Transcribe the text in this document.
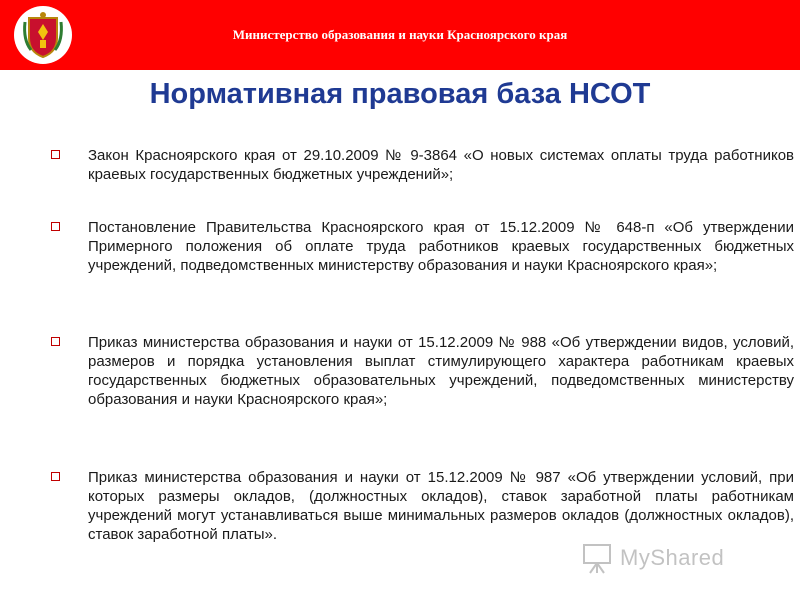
Министерство образования и науки Красноярского края
Нормативная правовая база НСОТ
Закон Красноярского края от 29.10.2009 № 9-3864 «О новых системах оплаты труда работников краевых государственных бюджетных учреждений»;
Постановление Правительства Красноярского края от 15.12.2009 № 648-п «Об утверждении Примерного положения об оплате труда работников краевых государственных бюджетных учреждений, подведомственных министерству образования и науки Красноярского края»;
Приказ министерства образования и науки от 15.12.2009 № 988 «Об утверждении видов, условий, размеров и порядка установления выплат стимулирующего характера работникам краевых государственных бюджетных образовательных учреждений, подведомственных министерству образования и науки Красноярского края»;
Приказ министерства образования и науки от 15.12.2009 № 987 «Об утверждении условий, при которых размеры окладов, (должностных окладов), ставок заработной платы работникам учреждений могут устанавливаться выше минимальных размеров окладов (должностных окладов), ставок заработной платы».
MyShared
